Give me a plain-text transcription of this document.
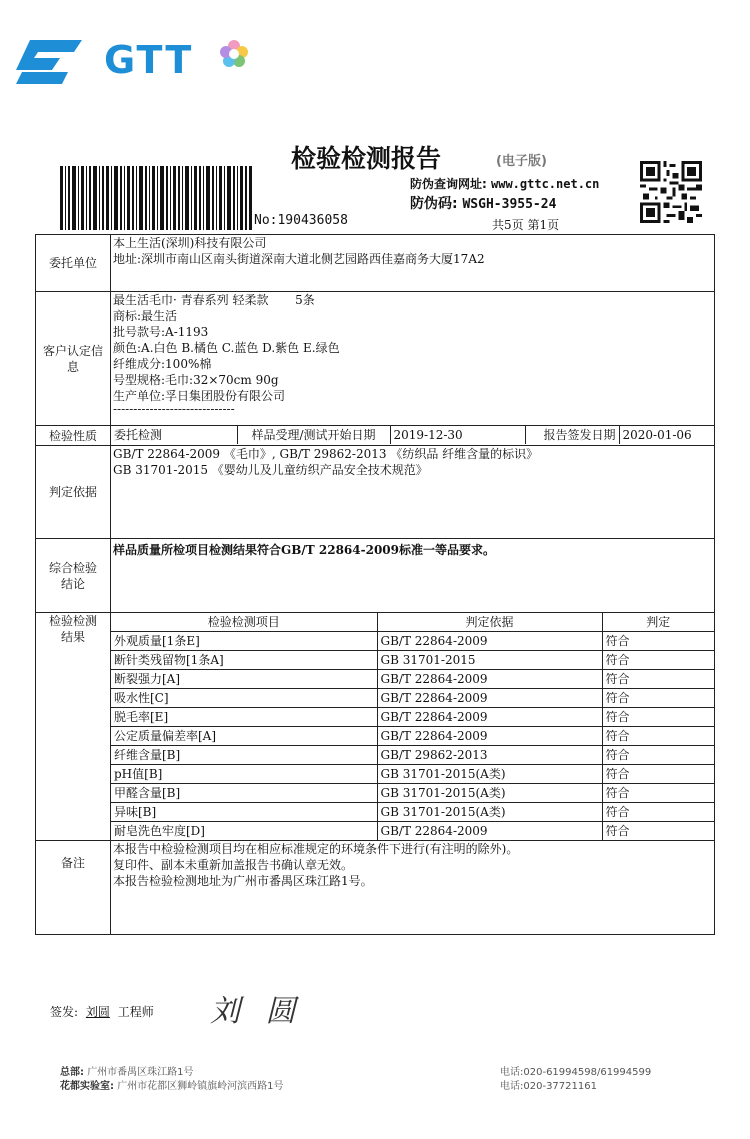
GTT
检验检测报告	(电子版)
No:190436058
防伪查询网址: www.gttc.net.cn
防伪码: WSGH-3955-24
共5页 第1页
委托单位	
本上生活(深圳)科技有限公司
地址:深圳市南山区南头街道深南大道北侧艺园路西佳嘉商务大厦17A2

客户认定信息	
最生活毛巾· 青春系列 轻柔款       5条
商标:最生活
批号款号:A-1193
颜色:A.白色 B.橘色 C.蓝色 D.紫色 E.绿色
纤维成分:100%棉
号型规格:毛巾:32×70cm 90g
生产单位:孚日集团股份有限公司
------------------------------

检验性质	委托检测	样品受理/测试开始日期	2019-12-30	报告签发日期	2020-01-06

判定依据	
GB/T 22864-2009 《毛巾》, GB/T 29862-2013 《纺织品 纤维含量的标识》
GB 31701-2015 《婴幼儿及儿童纺织产品安全技术规范》

综合检验结论	样品质量所检项目检测结果符合GB/T 22864-2009标准一等品要求。
检验检测结果	
检验检测项目	判定依据	判定
外观质量[1条E]	GB/T 22864-2009	符合
断针类残留物[1条A]	GB 31701-2015	符合
断裂强力[A]	GB/T 22864-2009	符合
吸水性[C]	GB/T 22864-2009	符合
脱毛率[E]	GB/T 22864-2009	符合
公定质量偏差率[A]	GB/T 22864-2009	符合
纤维含量[B]	GB/T 29862-2013	符合
pH值[B]	GB 31701-2015(A类)	符合
甲醛含量[B]	GB 31701-2015(A类)	符合
异味[B]	GB 31701-2015(A类)	符合
耐皂洗色牢度[D]	GB/T 22864-2009	符合

备注	
本报告中检验检测项目均在相应标准规定的环境条件下进行(有注明的除外)。
复印件、副本未重新加盖报告书确认章无效。
本报告检验检测地址为广州市番禺区珠江路1号。
签发: 刘圆 工程师 刘 圆
总部: 广州市番禺区珠江路1号
花都实验室: 广州市花都区狮岭镇旗岭河滨西路1号
电话:020-61994598/61994599
电话:020-37721161
